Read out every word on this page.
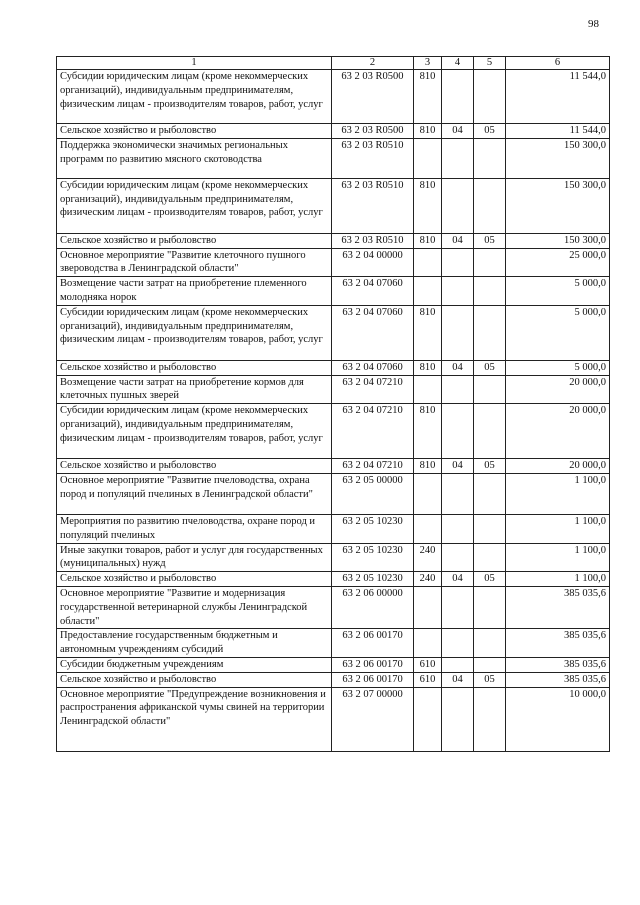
98
1	2	3	4	5	6
Субсидии юридическим лицам (кроме некоммерческих организаций), индивидуальным предпринимателям, физическим лицам - производителям товаров, работ, услуг	63 2 03 R0500	810			11 544,0
Сельское хозяйство и рыболовство	63 2 03 R0500	810	04	05	11 544,0
Поддержка экономически значимых региональных программ по развитию мясного скотоводства	63 2 03 R0510				150 300,0
Субсидии юридическим лицам (кроме некоммерческих организаций), индивидуальным предпринимателям, физическим лицам - производителям товаров, работ, услуг	63 2 03 R0510	810			150 300,0
Сельское хозяйство и рыболовство	63 2 03 R0510	810	04	05	150 300,0
Основное мероприятие "Развитие клеточного пушного звероводства в Ленинградской области"	63 2 04 00000				25 000,0
Возмещение части затрат на приобретение племенного молодняка норок	63 2 04 07060				5 000,0
Субсидии юридическим лицам (кроме некоммерческих организаций), индивидуальным предпринимателям, физическим лицам - производителям товаров, работ, услуг	63 2 04 07060	810			5 000,0
Сельское хозяйство и рыболовство	63 2 04 07060	810	04	05	5 000,0
Возмещение части затрат на приобретение кормов для клеточных пушных зверей	63 2 04 07210				20 000,0
Субсидии юридическим лицам (кроме некоммерческих организаций), индивидуальным предпринимателям, физическим лицам - производителям товаров, работ, услуг	63 2 04 07210	810			20 000,0
Сельское хозяйство и рыболовство	63 2 04 07210	810	04	05	20 000,0
Основное мероприятие "Развитие пчеловодства, охрана пород и популяций пчелиных в Ленинградской области"	63 2 05 00000				1 100,0
Мероприятия по развитию пчеловодства, охране пород и популяций пчелиных	63 2 05 10230				1 100,0
Иные закупки товаров, работ и услуг для государственных (муниципальных) нужд	63 2 05 10230	240			1 100,0
Сельское хозяйство и рыболовство	63 2 05 10230	240	04	05	1 100,0
Основное мероприятие "Развитие и модернизация государственной ветеринарной службы Ленинградской области"	63 2 06 00000				385 035,6
Предоставление государственным бюджетным и автономным учреждениям субсидий	63 2 06 00170				385 035,6
Субсидии бюджетным учреждениям	63 2 06 00170	610			385 035,6
Сельское хозяйство и рыболовство	63 2 06 00170	610	04	05	385 035,6
Основное мероприятие "Предупреждение возникновения и распространения африканской чумы свиней на территории Ленинградской области"	63 2 07 00000				10 000,0
